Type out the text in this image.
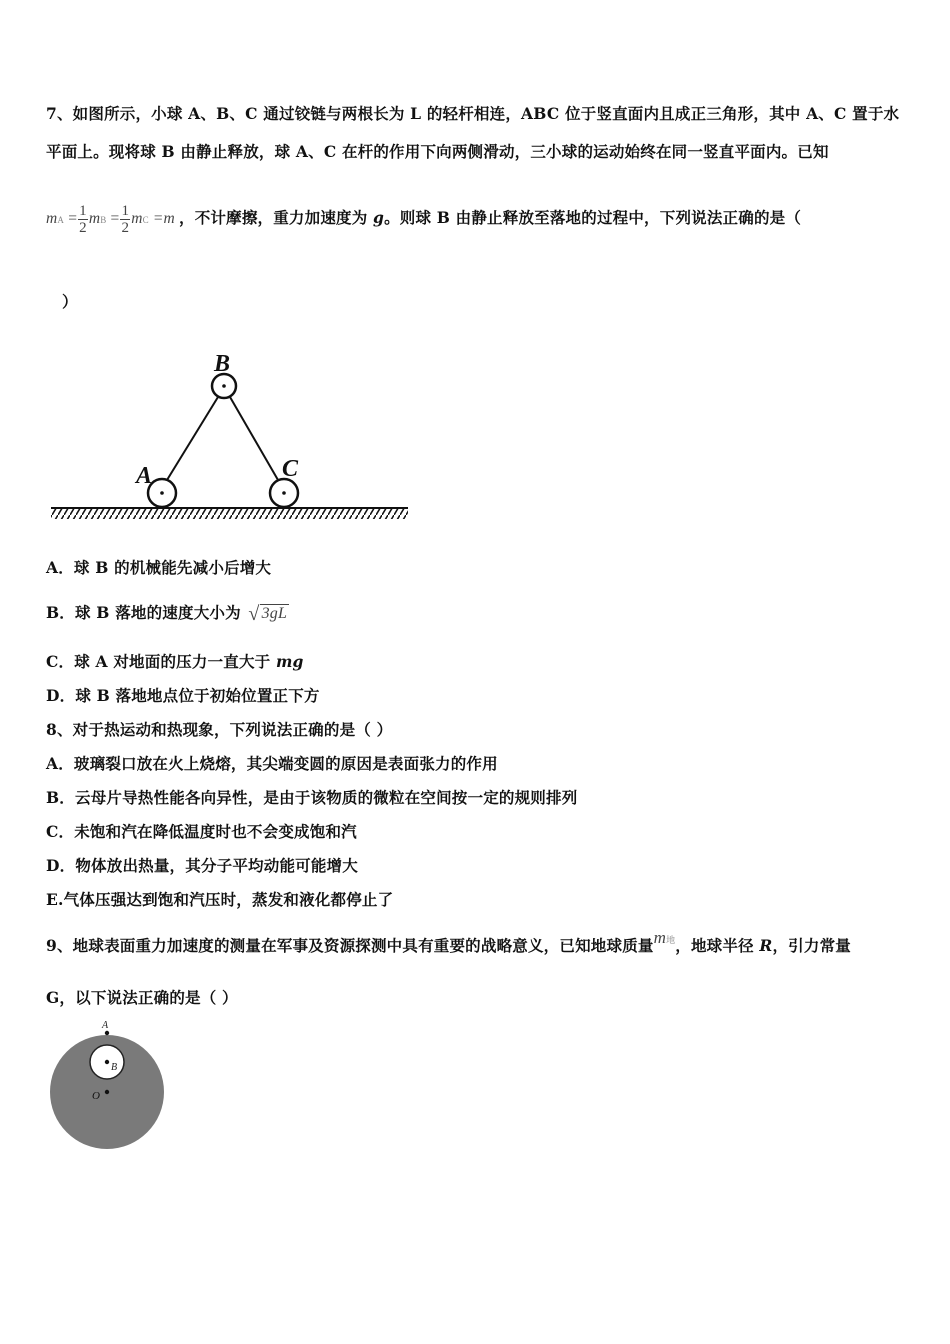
7、如图所示，小球 A、B、C 通过铰链与两根长为 L 的轻杆相连，ABC 位于竖直面内且成正三角形，其中 A、C 置于水
平面上。现将球 B 由静止释放，球 A、C 在杆的作用下向两侧滑动，三小球的运动始终在同一竖直平面内。已知
mA = $\frac{1}{2}$ mB = $\frac{1}{2}$ mC =m ，不计摩擦，重力加速度为 g。则球 B 由静止释放至落地的过程中，下列说法正确的是（
）
B
A	C
A．球 B 的机械能先减小后增大
B．球 B 落地的速度大小为 √ 3gL
C．球 A 对地面的压力一直大于 mg
D．球 B 落地地点位于初始位置正下方
8、对于热运动和热现象，下列说法正确的是（ ）
A．玻璃裂口放在火上烧熔，其尖端变圆的原因是表面张力的作用
B．云母片导热性能各向异性，是由于该物质的微粒在空间按一定的规则排列
C．未饱和汽在降低温度时也不会变成饱和汽
D．物体放出热量，其分子平均动能可能增大
E.气体压强达到饱和汽压时，蒸发和液化都停止了
9、地球表面重力加速度的测量在军事及资源探测中具有重要的战略意义，已知地球质量m地，地球半径 R，引力常量
G，以下说法正确的是（ ）
A
B
O
